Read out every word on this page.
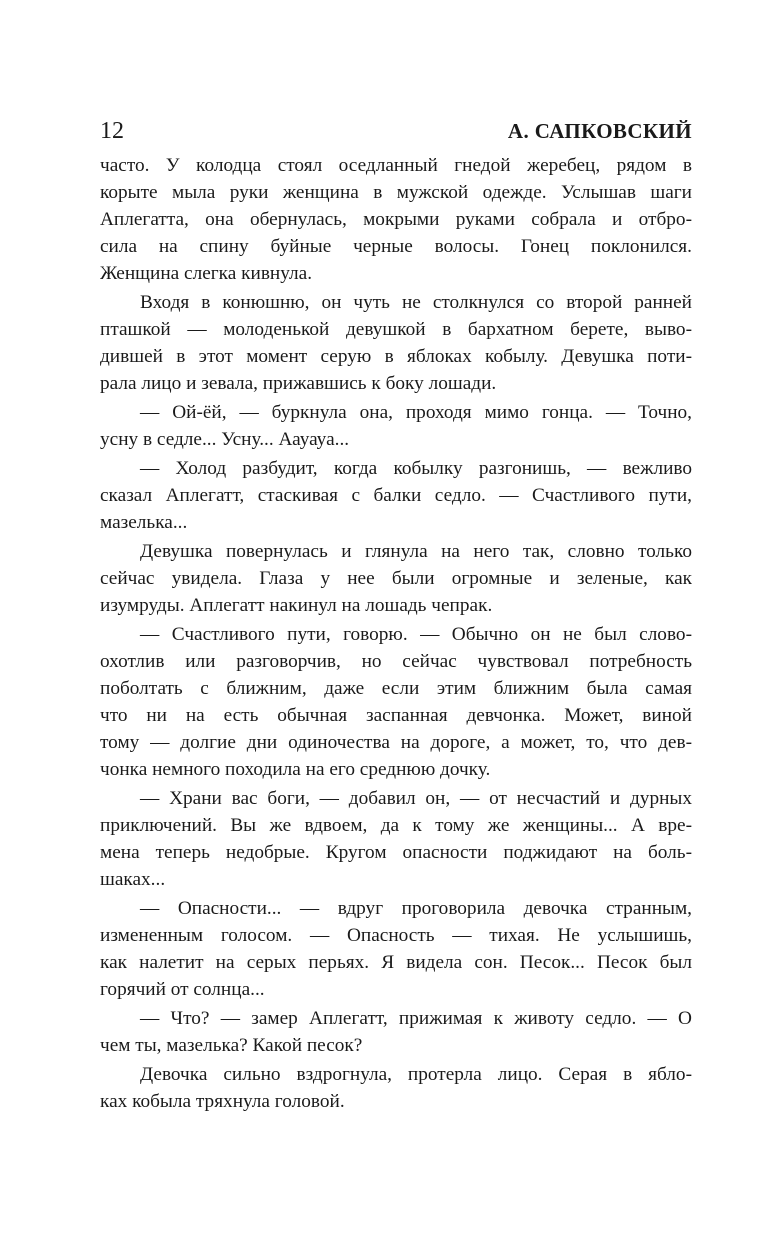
12	А. САПКОВСКИЙ

часто. У колодца стоял оседланный гнедой жеребец, рядом в
корыте мыла руки женщина в мужской одежде. Услышав шаги
Аплегатта, она обернулась, мокрыми руками собрала и отбро-
сила на спину буйные черные волосы. Гонец поклонился.
Женщина слегка кивнула.

Входя в конюшню, он чуть не столкнулся со второй ранней
пташкой — молоденькой девушкой в бархатном берете, выво-
дившей в этот момент серую в яблоках кобылу. Девушка поти-
рала лицо и зевала, прижавшись к боку лошади.

— Ой-ёй, — буркнула она, проходя мимо гонца. — Точно,
усну в седле... Усну... Аауауа...

— Холод разбудит, когда кобылку разгонишь, — вежливо
сказал Аплегатт, стаскивая с балки седло. — Счастливого пути,
мазелька...

Девушка повернулась и глянула на него так, словно только
сейчас увидела. Глаза у нее были огромные и зеленые, как
изумруды. Аплегатт накинул на лошадь чепрак.

— Счастливого пути, говорю. — Обычно он не был слово-
охотлив или разговорчив, но сейчас чувствовал потребность
поболтать с ближним, даже если этим ближним была самая
что ни на есть обычная заспанная девчонка. Может, виной
тому — долгие дни одиночества на дороге, а может, то, что дев-
чонка немного походила на его среднюю дочку.

— Храни вас боги, — добавил он, — от несчастий и дурных
приключений. Вы же вдвоем, да к тому же женщины... А вре-
мена теперь недобрые. Кругом опасности поджидают на боль-
шаках...

— Опасности... — вдруг проговорила девочка странным,
измененным голосом. — Опасность — тихая. Не услышишь,
как налетит на серых перьях. Я видела сон. Песок... Песок был
горячий от солнца...

— Что? — замер Аплегатт, прижимая к животу седло. — О
чем ты, мазелька? Какой песок?

Девочка сильно вздрогнула, протерла лицо. Серая в ябло-
ках кобыла тряхнула головой.
